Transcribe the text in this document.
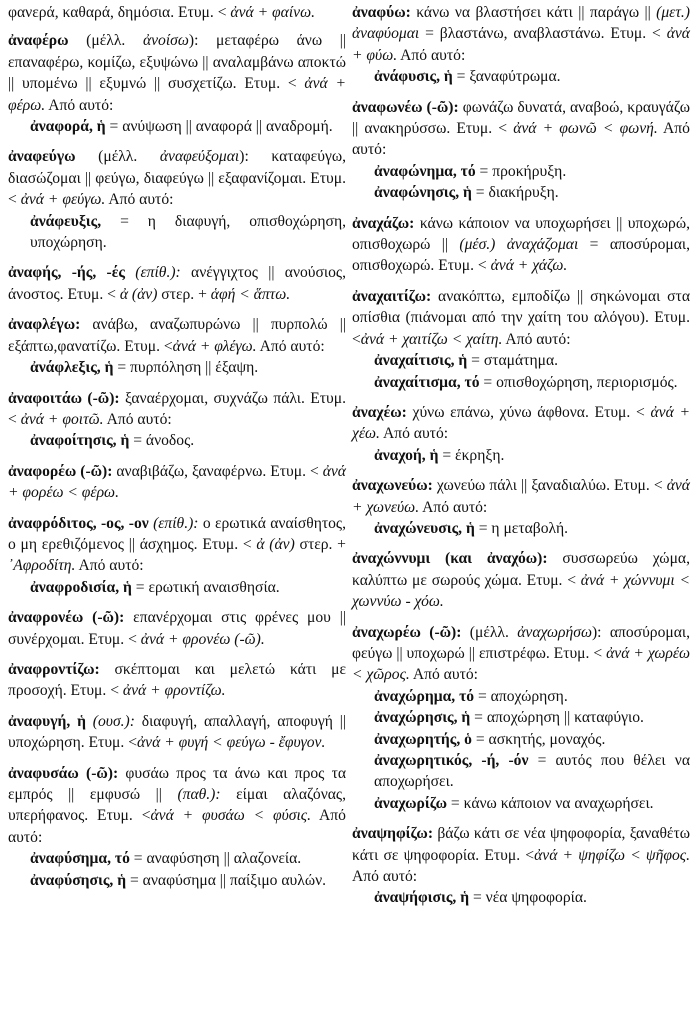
φανερά, καθαρά, δημόσια. Ετυμ. < ἀνά + φαίνω.

ἀναφέρω (μέλλ. ἀνοίσω): μεταφέρω άνω || επαναφέρω, κομίζω, εξυψώνω || αναλαμβάνω αποκτώ || υπομένω || εξυμνώ || συσχετίζω. Ετυμ. < ἀνά + φέρω. Από αυτό:

ἀναφορά, ἡ = ανύψωση || αναφορά || αναδρομή.

ἀναφεύγω (μέλλ. ἀναφεύξομαι): καταφεύγω, διασώζομαι || φεύγω, διαφεύγω || εξαφανίζομαι. Ετυμ. < ἀνά + φεύγω. Από αυτό:

ἀνάφευξις, = η διαφυγή, οπισθοχώρηση, υποχώρηση.

ἀναφής, -ής, -ές (επίθ.): ανέγγιχτος || ανούσιος, άνοστος. Ετυμ. < ἀ (ἀν) στερ. + ἁφή < ἅπτω.

ἀναφλέγω: ανάβω, αναζωπυρώνω || πυρπολώ || εξάπτω,φανατίζω. Ετυμ. <ἀνά + φλέγω. Από αυτό:

ἀνάφλεξις, ἡ = πυρπόληση || έξαψη.

ἀναφοιτάω (-ῶ): ξαναέρχομαι, συχνάζω πάλι. Ετυμ. < ἀνά + φοιτῶ. Από αυτό:

ἀναφοίτησις, ἡ = άνοδος.

ἀναφορέω (-ῶ): αναβιβάζω, ξαναφέρνω. Ετυμ. < ἀνά + φορέω < φέρω.

ἀναφρόδιτος, -ος, -ον (επίθ.): ο ερωτικά αναίσθητος, ο μη ερεθιζόμενος || άσχημος. Ετυμ. < ἀ (ἀν) στερ. + ᾿Αφροδίτη. Από αυτό:

ἀναφροδισία, ἡ = ερωτική αναισθησία.

ἀναφρονέω (-ῶ): επανέρχομαι στις φρένες μου || συνέρχομαι. Ετυμ. < ἀνά + φρονέω (-ῶ).

ἀναφροντίζω: σκέπτομαι και μελετώ κάτι με προσοχή. Ετυμ. < ἀνά + φροντίζω.

ἀναφυγή, ἡ (ουσ.): διαφυγή, απαλλαγή, αποφυγή || υποχώρηση. Ετυμ. <ἀνά + φυγή < φεύγω - ἔφυγον.

ἀναφυσάω (-ῶ): φυσάω προς τα άνω και προς τα εμπρός || εμφυσώ || (παθ.): είμαι αλαζόνας, υπερήφανος. Ετυμ. <ἀνά + φυσάω < φύσις. Από αυτό:

ἀναφύσημα, τό = αναφύσηση || αλαζονεία.

ἀναφύσησις, ἡ = αναφύσημα || παίξιμο αυλών.

ἀναφύω: κάνω να βλαστήσει κάτι || παράγω || (μετ.) ἀναφύομαι = βλαστάνω, αναβλαστάνω. Ετυμ. < ἀνά + φύω. Από αυτό:

ἀνάφυσις, ἡ = ξαναφύτρωμα.

ἀναφωνέω (-ῶ): φωνάζω δυνατά, αναβοώ, κραυγάζω || ανακηρύσσω. Ετυμ. < ἀνά + φωνῶ < φωνή. Από αυτό:

ἀναφώνημα, τό = προκήρυξη.

ἀναφώνησις, ἡ = διακήρυξη.

ἀναχάζω: κάνω κάποιον να υποχωρήσει || υποχωρώ, οπισθοχωρώ || (μέσ.) ἀναχάζομαι = αποσύρομαι, οπισθοχωρώ. Ετυμ. < ἀνά + χάζω.

ἀναχαιτίζω: ανακόπτω, εμποδίζω || σηκώνομαι στα οπίσθια (πιάνομαι από την χαίτη του αλόγου). Ετυμ. <ἀνά + χαιτίζω < χαίτη. Από αυτό:

ἀναχαίτισις, ἡ = σταμάτημα.

ἀναχαίτισμα, τό = οπισθοχώρηση, περιορισμός.

ἀναχέω: χύνω επάνω, χύνω άφθονα. Ετυμ. < ἀνά + χέω. Από αυτό:

ἀναχοή, ἡ = έκρηξη.

ἀναχωνεύω: χωνεύω πάλι || ξαναδιαλύω. Ετυμ. < ἀνά + χωνεύω. Από αυτό:

ἀναχώνευσις, ἡ = η μεταβολή.

ἀναχώννυμι (και ἀναχόω): συσσωρεύω χώμα, καλύπτω με σωρούς χώμα. Ετυμ. < ἀνά + χώννυμι < χωννύω - χόω.

ἀναχωρέω (-ῶ): (μέλλ. ἀναχωρήσω): αποσύρομαι, φεύγω || υποχωρώ || επιστρέφω. Ετυμ. < ἀνά + χωρέω < χῶρος. Από αυτό:

ἀναχώρημα, τό = αποχώρηση.

ἀναχώρησις, ἡ = αποχώρηση || καταφύγιο.

ἀναχωρητής, ὁ = ασκητής, μοναχός.

ἀναχωρητικός, -ή, -όν = αυτός που θέλει να αποχωρήσει.

ἀναχωρίζω = κάνω κάποιον να αναχωρήσει.

ἀναψηφίζω: βάζω κάτι σε νέα ψηφοφορία, ξαναθέτω κάτι σε ψηφοφορία. Ετυμ. <ἀνά + ψηφίζω < ψῆφος. Από αυτό:

ἀναψήφισις, ἡ = νέα ψηφοφορία.
